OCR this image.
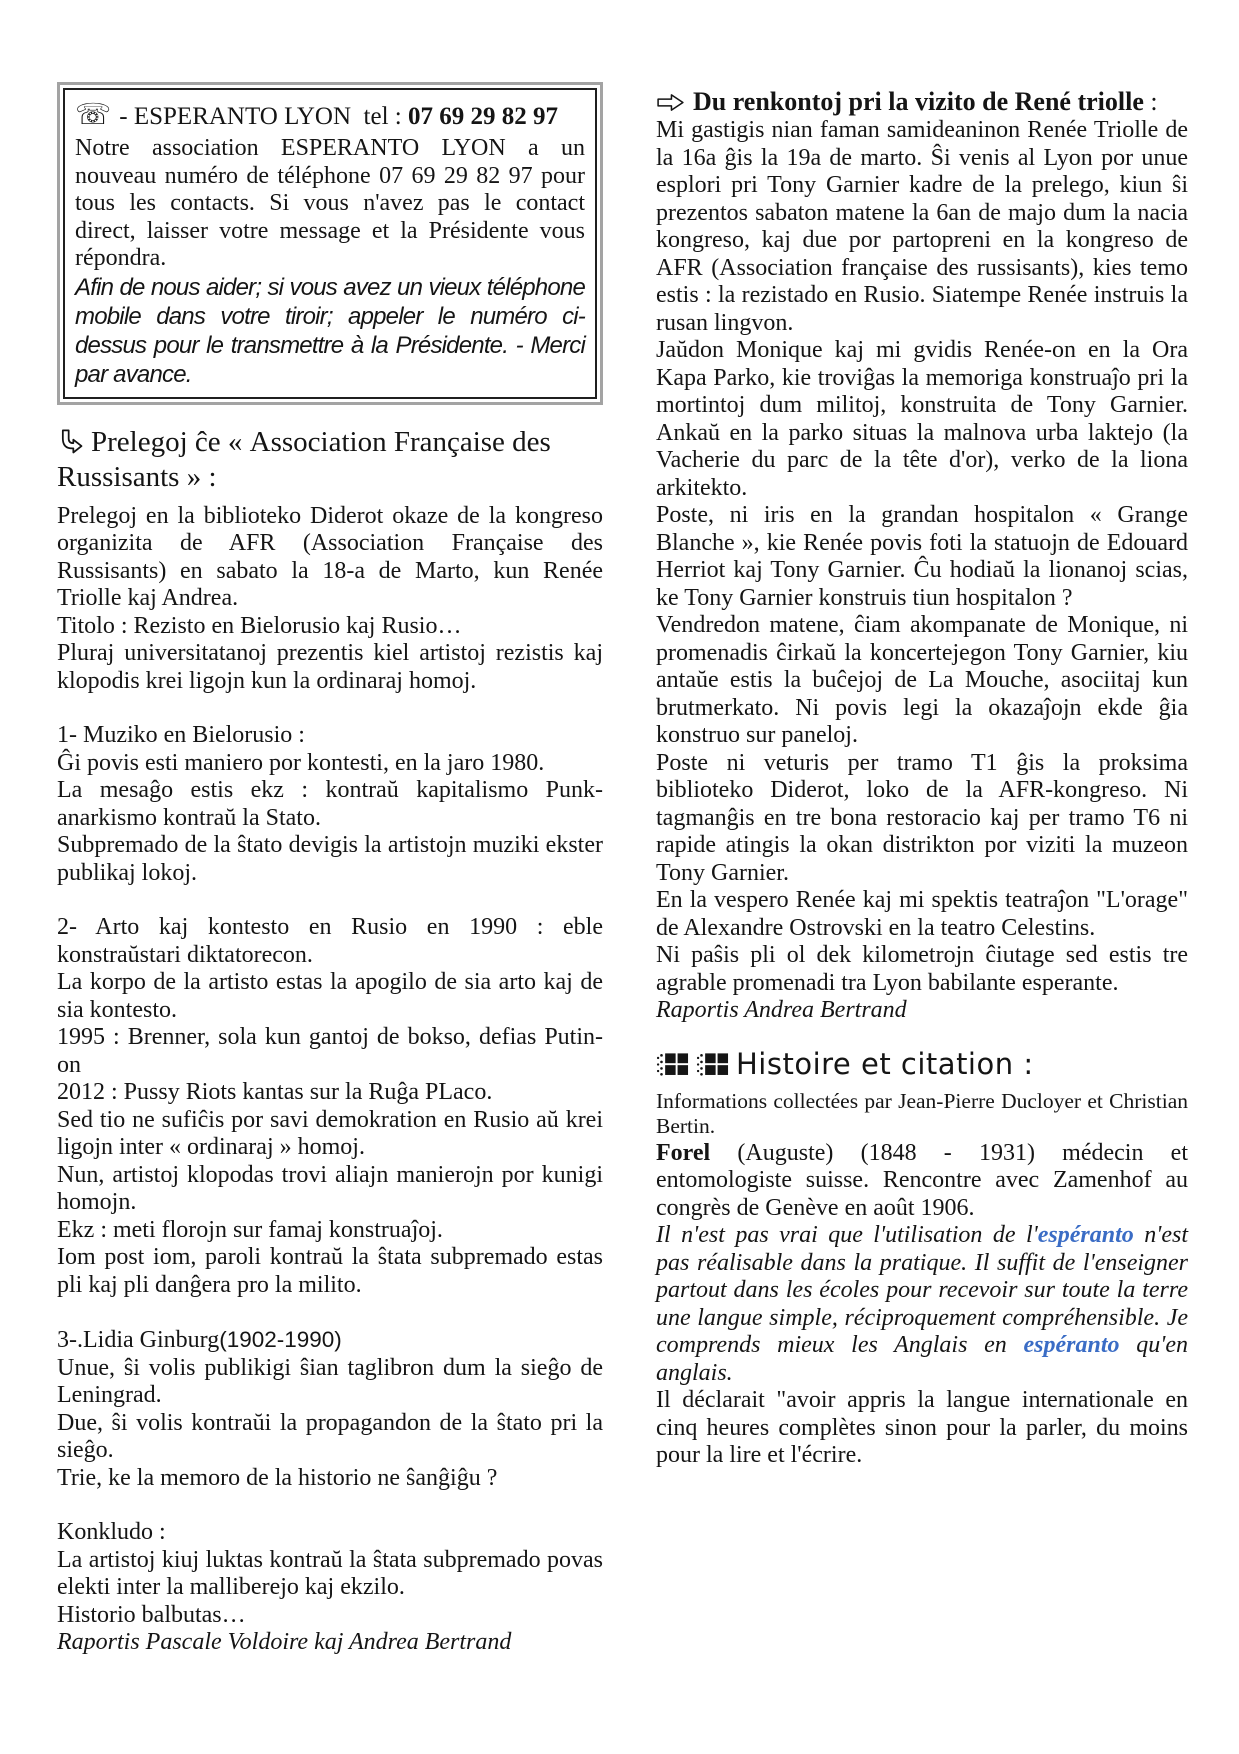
☏ - ESPERANTO LYON  tel : 07 69 29 82 97

Notre association ESPERANTO LYON a un nouveau numéro de téléphone 07 69 29 82 97 pour tous les contacts. Si vous n'avez pas le contact direct, laisser votre message et la Présidente vous répondra.

Afin de nous aider; si vous avez un vieux téléphone mobile dans votre tiroir; appeler le numéro ci-dessus pour le transmettre à la Présidente. - Merci par avance.

Prelegoj ĉe « Association Française des Russisants » :

Prelegoj en la biblioteko Diderot okaze de la kongreso organizita de AFR (Association Française des Russisants) en sabato la 18-a de Marto, kun Renée Triolle kaj Andrea.

Titolo : Rezisto en Bielorusio kaj Rusio…

Pluraj universitatanoj prezentis kiel artistoj rezistis kaj klopodis krei ligojn kun la ordinaraj homoj.

1- Muziko en Bielorusio :

Ĝi povis esti maniero por kontesti, en la jaro 1980.

La mesaĝo estis ekz : kontraŭ kapitalismo Punk-anarkismo kontraŭ la Stato.

Subpremado de la ŝtato devigis la artistojn muziki ekster publikaj lokoj.

2- Arto kaj kontesto en Rusio en 1990 : eble konstraŭstari diktatorecon.

La korpo de la artisto estas la apogilo de sia arto kaj de sia kontesto.

1995 : Brenner, sola kun gantoj de bokso, defias Putin-on

2012 : Pussy Riots kantas sur la Ruĝa PLaco.

Sed tio ne sufiĉis por savi demokration en Rusio aŭ krei ligojn inter « ordinaraj » homoj.

Nun, artistoj klopodas trovi aliajn manierojn por kunigi homojn.

Ekz : meti florojn sur famaj konstruaĵoj.

Iom post iom, paroli kontraŭ la ŝtata subpremado estas pli kaj pli danĝera pro la milito.

3-.Lidia Ginburg(1902-1990)

Unue, ŝi volis publikigi ŝian taglibron dum la sieĝo de Leningrad.

Due, ŝi volis kontraŭi la propagandon de la ŝtato pri la sieĝo.

Trie, ke la memoro de la historio ne ŝanĝiĝu ?

Konkludo :

La artistoj kiuj luktas kontraŭ la ŝtata subpremado povas elekti inter la malliberejo kaj ekzilo.

Historio balbutas…

Raportis Pascale Voldoire kaj Andrea Bertrand

Du renkontoj pri la vizito de René triolle :

Mi gastigis nian faman samideaninon Renée Triolle de la 16a ĝis la 19a de marto. Ŝi venis al Lyon por unue esplori pri Tony Garnier kadre de la prelego, kiun ŝi prezentos sabaton matene la 6an de majo dum la nacia kongreso, kaj due por partopreni en la kongreso de AFR (Association française des russisants), kies temo estis : la rezistado en Rusio. Siatempe Renée instruis la rusan lingvon.

Jaŭdon Monique kaj mi gvidis Renée-on en la Ora Kapa Parko, kie troviĝas la memoriga konstruaĵo pri la mortintoj dum militoj, konstruita de Tony Garnier. Ankaŭ en la parko situas la malnova urba laktejo (la Vacherie du parc de la tête d'or), verko de la liona arkitekto.

Poste, ni iris en la grandan hospitalon « Grange Blanche », kie Renée povis foti la statuojn de Edouard Herriot kaj Tony Garnier. Ĉu hodiaŭ la lionanoj scias, ke Tony Garnier konstruis tiun hospitalon ?

Vendredon matene, ĉiam akompanate de Monique, ni promenadis ĉirkaŭ la koncertejegon Tony Garnier, kiu antaŭe estis la buĉejoj de La Mouche, asociitaj kun brutmerkato. Ni povis legi la okazaĵojn ekde ĝia konstruo sur paneloj.

Poste ni veturis per tramo T1 ĝis la proksima biblioteko Diderot, loko de la AFR-kongreso. Ni tagmanĝis en tre bona restoracio kaj per tramo T6 ni rapide atingis la okan distrikton por viziti la muzeon Tony Garnier.

En la vespero Renée kaj mi spektis teatraĵon "L'orage" de Alexandre Ostrovski en la teatro Celestins.

Ni paŝis pli ol dek kilometrojn ĉiutage sed estis tre agrable promenadi tra Lyon babilante esperante.

Raportis Andrea Bertrand

Histoire et citation :

Informations collectées par Jean-Pierre Ducloyer et Christian Bertin.

Forel (Auguste) (1848 - 1931) médecin et entomologiste suisse. Rencontre avec Zamenhof au congrès de Genève en août 1906.

Il n'est pas vrai que l'utilisation de l'espéranto n'est pas réalisable dans la pratique. Il suffit de l'enseigner partout dans les écoles pour recevoir sur toute la terre une langue simple, réciproquement compréhensible. Je comprends mieux les Anglais en espéranto qu'en anglais.

Il déclarait "avoir appris la langue internationale en cinq heures complètes sinon pour la parler, du moins pour la lire et l'écrire.
